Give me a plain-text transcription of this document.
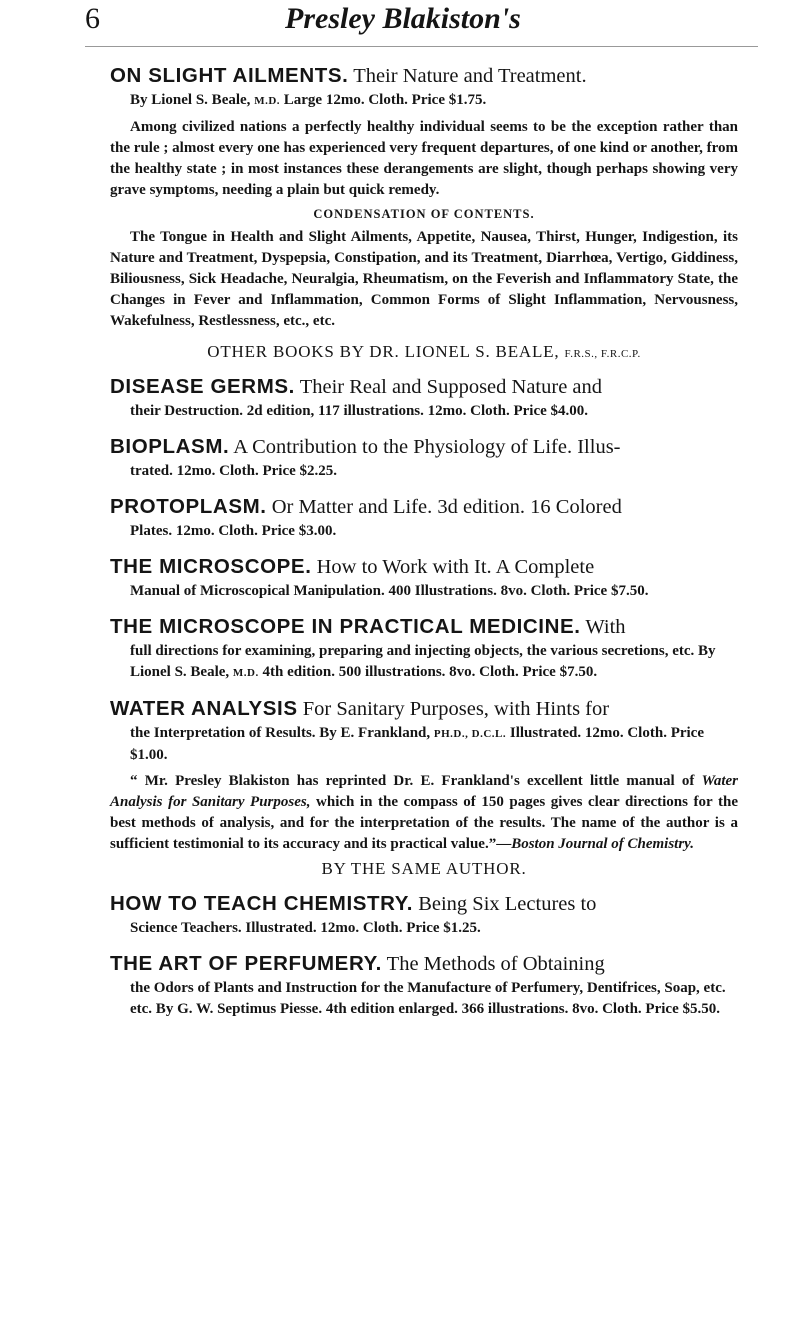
6	Presley Blakiston's

ON SLIGHT AILMENTS. Their Nature and Treatment.

By Lionel S. Beale, M.D. Large 12mo. Cloth. Price $1.75.

Among civilized nations a perfectly healthy individual seems to be the exception rather than the rule ; almost every one has experienced very frequent departures, of one kind or another, from the healthy state ; in most instances these derangements are slight, though perhaps showing very grave symptoms, needing a plain but quick remedy.

CONDENSATION OF CONTENTS.

The Tongue in Health and Slight Ailments, Appetite, Nausea, Thirst, Hunger, Indigestion, its Nature and Treatment, Dyspepsia, Constipation, and its Treatment, Diarrhœa, Vertigo, Giddiness, Biliousness, Sick Headache, Neuralgia, Rheumatism, on the Feverish and Inflammatory State, the Changes in Fever and Inflammation, Common Forms of Slight Inflammation, Nervousness, Wakefulness, Restlessness, etc., etc.

OTHER BOOKS BY DR. LIONEL S. BEALE, F.R.S., F.R.C.P.

DISEASE GERMS. Their Real and Supposed Nature and

their Destruction. 2d edition, 117 illustrations. 12mo. Cloth. Price $4.00.

BIOPLASM. A Contribution to the Physiology of Life. Illus-

trated. 12mo. Cloth. Price $2.25.

PROTOPLASM. Or Matter and Life. 3d edition. 16 Colored

Plates. 12mo. Cloth. Price $3.00.

THE MICROSCOPE. How to Work with It. A Complete

Manual of Microscopical Manipulation. 400 Illustrations. 8vo. Cloth. Price $7.50.

THE MICROSCOPE IN PRACTICAL MEDICINE. With

full directions for examining, preparing and injecting objects, the various secretions, etc. By Lionel S. Beale, M.D. 4th edition. 500 illustrations. 8vo. Cloth. Price $7.50.

WATER ANALYSIS For Sanitary Purposes, with Hints for

the Interpretation of Results. By E. Frankland, PH.D., D.C.L. Illustrated. 12mo. Cloth. Price $1.00.

“ Mr. Presley Blakiston has reprinted Dr. E. Frankland's excellent little manual of Water Analysis for Sanitary Purposes, which in the compass of 150 pages gives clear directions for the best methods of analysis, and for the interpretation of the results. The name of the author is a sufficient testimonial to its accuracy and its practical value.”—Boston Journal of Chemistry.

BY THE SAME AUTHOR.

HOW TO TEACH CHEMISTRY. Being Six Lectures to

Science Teachers. Illustrated. 12mo. Cloth. Price $1.25.

THE ART OF PERFUMERY. The Methods of Obtaining

the Odors of Plants and Instruction for the Manufacture of Perfumery, Dentifrices, Soap, etc. etc. By G. W. Septimus Piesse. 4th edition enlarged. 366 illustrations. 8vo. Cloth. Price $5.50.
